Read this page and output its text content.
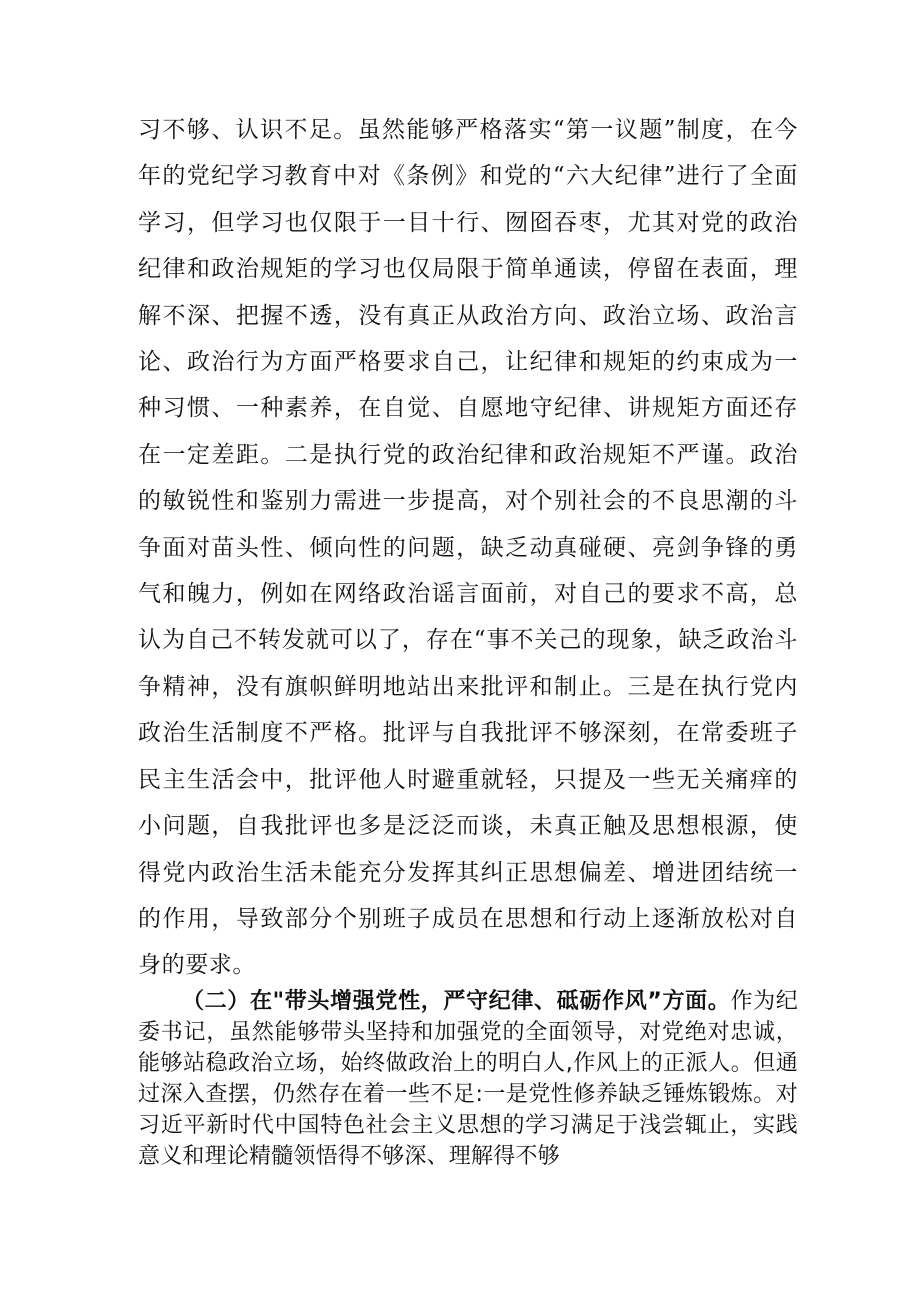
习不够、认识不足。虽然能够严格落实“第一议题”制度，在今年的党纪学习教育中对《条例》和党的“六大纪律”进行了全面学习，但学习也仅限于一目十行、囫囵吞枣，尤其对党的政治纪律和政治规矩的学习也仅局限于简单通读，停留在表面，理解不深、把握不透，没有真正从政治方向、政治立场、政治言论、政治行为方面严格要求自己，让纪律和规矩的约束成为一种习惯、一种素养，在自觉、自愿地守纪律、讲规矩方面还存在一定差距。二是执行党的政治纪律和政治规矩不严谨。政治的敏锐性和鉴别力需进一步提高，对个别社会的不良思潮的斗争面对苗头性、倾向性的问题，缺乏动真碰硬、亮剑争锋的勇气和魄力，例如在网络政治谣言面前，对自己的要求不高，总认为自己不转发就可以了，存在“事不关己的现象，缺乏政治斗争精神，没有旗帜鲜明地站出来批评和制止。三是在执行党内政治生活制度不严格。批评与自我批评不够深刻，在常委班子民主生活会中，批评他人时避重就轻，只提及一些无关痛痒的小问题，自我批评也多是泛泛而谈，未真正触及思想根源，使得党内政治生活未能充分发挥其纠正思想偏差、增进团结统一的作用，导致部分个别班子成员在思想和行动上逐渐放松对自身的要求。

（二）在"带头增强党性，严守纪律、砥砺作风”方面。作为纪委书记，虽然能够带头坚持和加强党的全面领导，对党绝对忠诚，能够站稳政治立场，始终做政治上的明白人,作风上的正派人。但通过深入查摆，仍然存在着一些不足:一是党性修养缺乏锤炼锻炼。对习近平新时代中国特色社会主义思想的学习满足于浅尝辄止，实践意义和理论精髓领悟得不够深、理解得不够
